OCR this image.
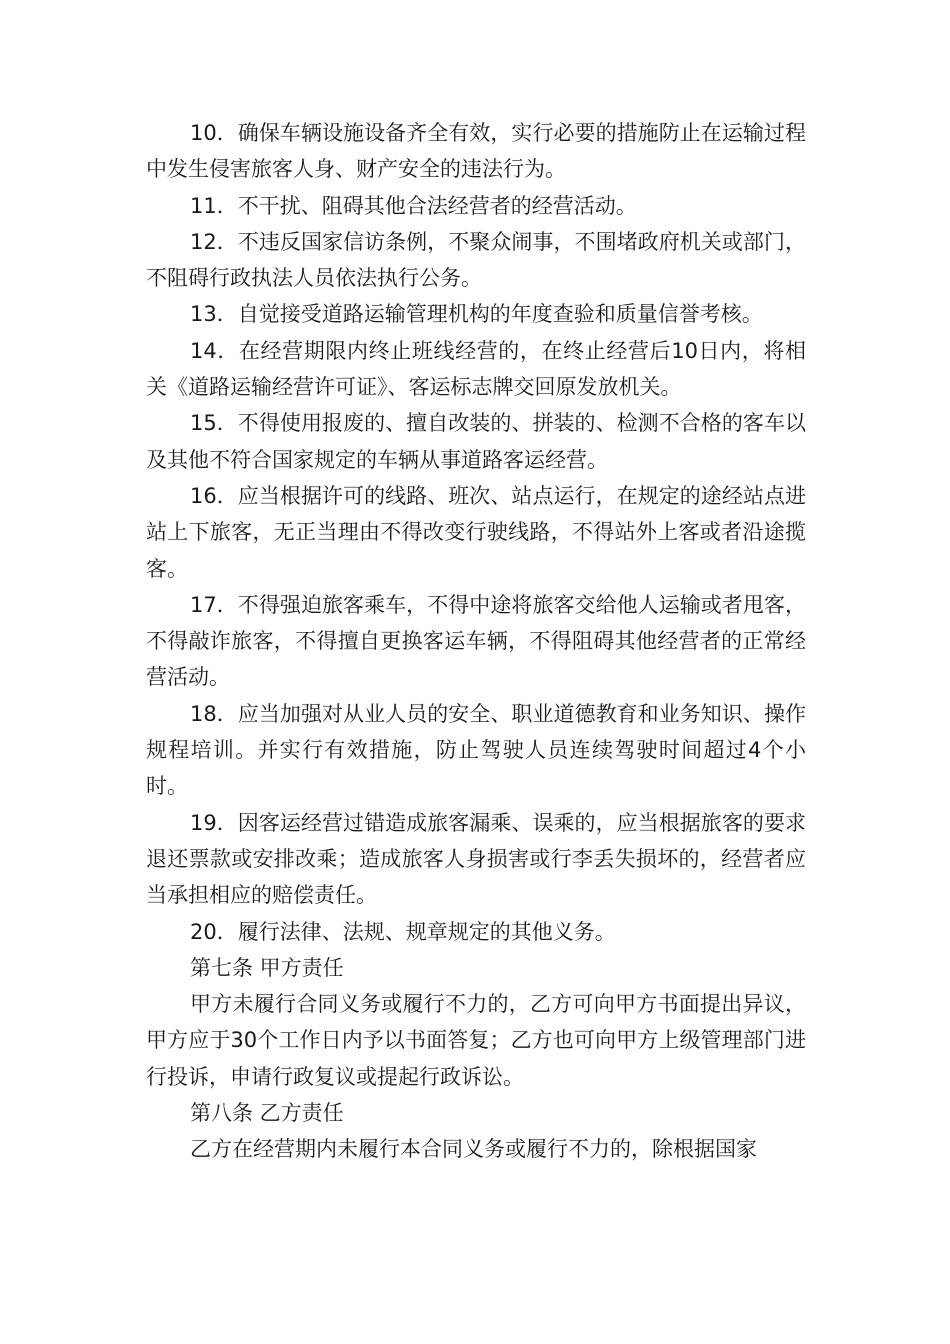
10．确保车辆设施设备齐全有效，实行必要的措施防止在运输过程中发生侵害旅客人身、财产安全的违法行为。

11．不干扰、阻碍其他合法经营者的经营活动。

12．不违反国家信访条例，不聚众闹事，不围堵政府机关或部门，不阻碍行政执法人员依法执行公务。

13．自觉接受道路运输管理机构的年度查验和质量信誉考核。

14．在经营期限内终止班线经营的，在终止经营后10日内，将相关《道路运输经营许可证》、客运标志牌交回原发放机关。

15．不得使用报废的、擅自改装的、拼装的、检测不合格的客车以及其他不符合国家规定的车辆从事道路客运经营。

16．应当根据许可的线路、班次、站点运行，在规定的途经站点进站上下旅客，无正当理由不得改变行驶线路，不得站外上客或者沿途揽客。

17．不得强迫旅客乘车，不得中途将旅客交给他人运输或者甩客，不得敲诈旅客，不得擅自更换客运车辆，不得阻碍其他经营者的正常经营活动。

18．应当加强对从业人员的安全、职业道德教育和业务知识、操作规程培训。并实行有效措施，防止驾驶人员连续驾驶时间超过4个小时。

19．因客运经营过错造成旅客漏乘、误乘的，应当根据旅客的要求退还票款或安排改乘；造成旅客人身损害或行李丢失损坏的，经营者应当承担相应的赔偿责任。

20．履行法律、法规、规章规定的其他义务。

第七条 甲方责任

甲方未履行合同义务或履行不力的，乙方可向甲方书面提出异议，甲方应于30个工作日内予以书面答复；乙方也可向甲方上级管理部门进行投诉，申请行政复议或提起行政诉讼。

第八条 乙方责任

乙方在经营期内未履行本合同义务或履行不力的，除根据国家
